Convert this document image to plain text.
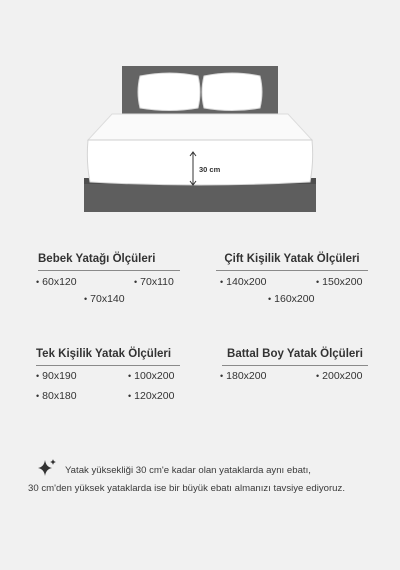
30 cm
Bebek Yatağı Ölçüleri
• 60x120	• 70x110
• 70x140
Çift Kişilik Yatak Ölçüleri
• 140x200	• 150x200
• 160x200
Tek Kişilik Yatak Ölçüleri
• 90x190	• 100x200
• 80x180	• 120x200
Battal Boy Yatak Ölçüleri
• 180x200	• 200x200
Yatak yüksekliği 30 cm'e kadar olan yataklarda aynı ebatı,
30 cm'den yüksek yataklarda ise bir büyük ebatı almanızı tavsiye ediyoruz.
